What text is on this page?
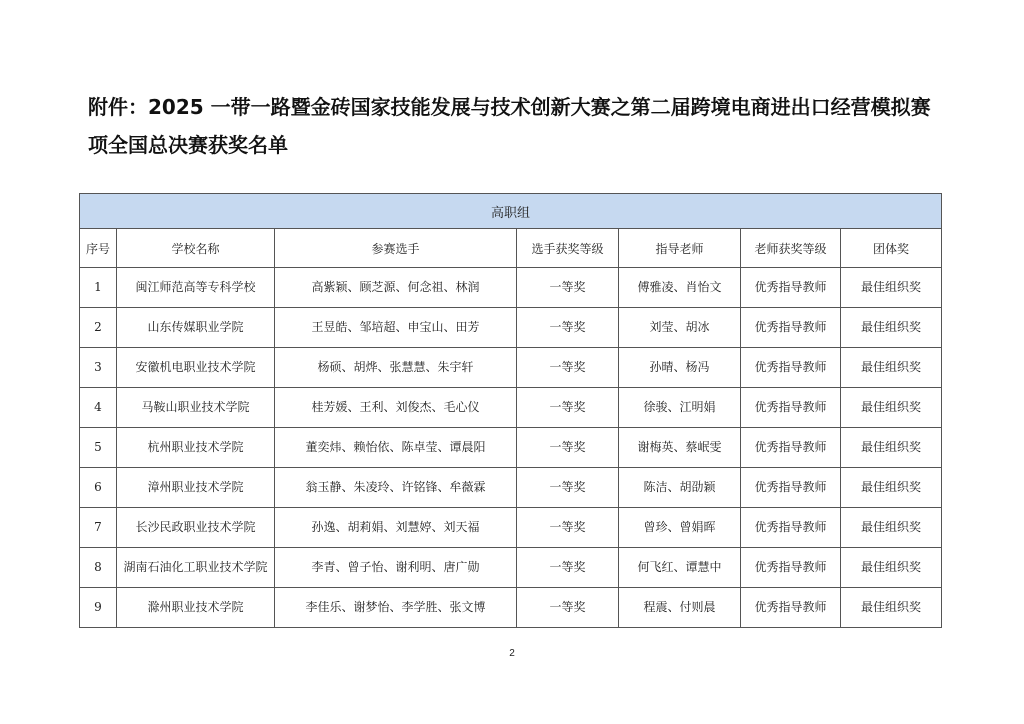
附件：2025 一带一路暨金砖国家技能发展与技术创新大赛之第二届跨境电商进出口经营模拟赛项全国总决赛获奖名单
高职组						
序号	学校名称	参赛选手	选手获奖等级	指导老师	老师获奖等级	团体奖
1	闽江师范高等专科学校	高紫颖、顾芝源、何念祖、林润	一等奖	傅雅凌、肖怡文	优秀指导教师	最佳组织奖
2	山东传媒职业学院	王昱皓、邹培超、申宝山、田芳	一等奖	刘莹、胡冰	优秀指导教师	最佳组织奖
3	安徽机电职业技术学院	杨硕、胡烨、张慧慧、朱宇轩	一等奖	孙晴、杨冯	优秀指导教师	最佳组织奖
4	马鞍山职业技术学院	桂芳媛、王利、刘俊杰、毛心仪	一等奖	徐骏、江明娟	优秀指导教师	最佳组织奖
5	杭州职业技术学院	董奕炜、赖怡依、陈卓莹、谭晨阳	一等奖	谢梅英、蔡岷雯	优秀指导教师	最佳组织奖
6	漳州职业技术学院	翁玉静、朱凌玲、许铭锋、牟薇霖	一等奖	陈洁、胡劭颖	优秀指导教师	最佳组织奖
7	长沙民政职业技术学院	孙逸、胡莉娟、刘慧婷、刘天福	一等奖	曾珍、曾娟晖	优秀指导教师	最佳组织奖
8	湖南石油化工职业技术学院	李青、曾子怡、谢利明、唐广勋	一等奖	何飞红、谭慧中	优秀指导教师	最佳组织奖
9	滁州职业技术学院	李佳乐、谢梦怡、李学胜、张文博	一等奖	程震、付则晨	优秀指导教师	最佳组织奖
2
